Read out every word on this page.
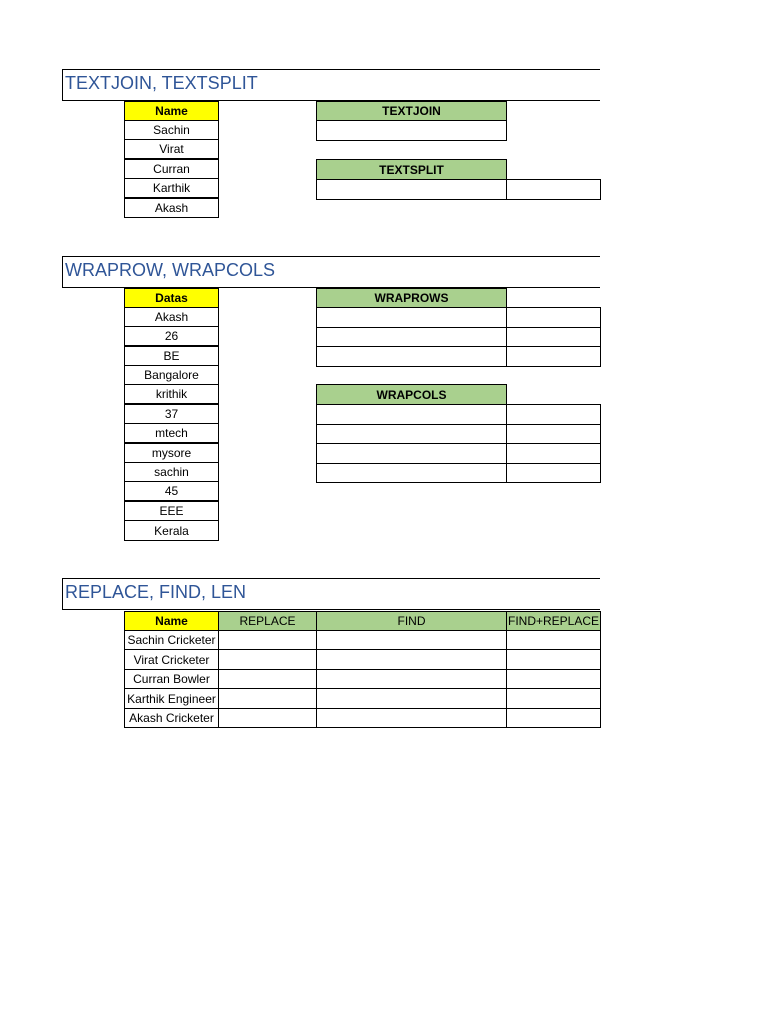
TEXTJOIN, TEXTSPLIT
Name
Sachin
Virat
Curran
Karthik
Akash
TEXTJOIN
TEXTSPLIT
WRAPROW, WRAPCOLS
Datas
Akash
26
BE
Bangalore
krithik
37
mtech
mysore
sachin
45
EEE
Kerala
WRAPROWS
WRAPCOLS
REPLACE, FIND, LEN
Name	REPLACE	FIND	FIND+REPLACE
Sachin Cricketer
Virat Cricketer
Curran Bowler
Karthik Engineer
Akash Cricketer
